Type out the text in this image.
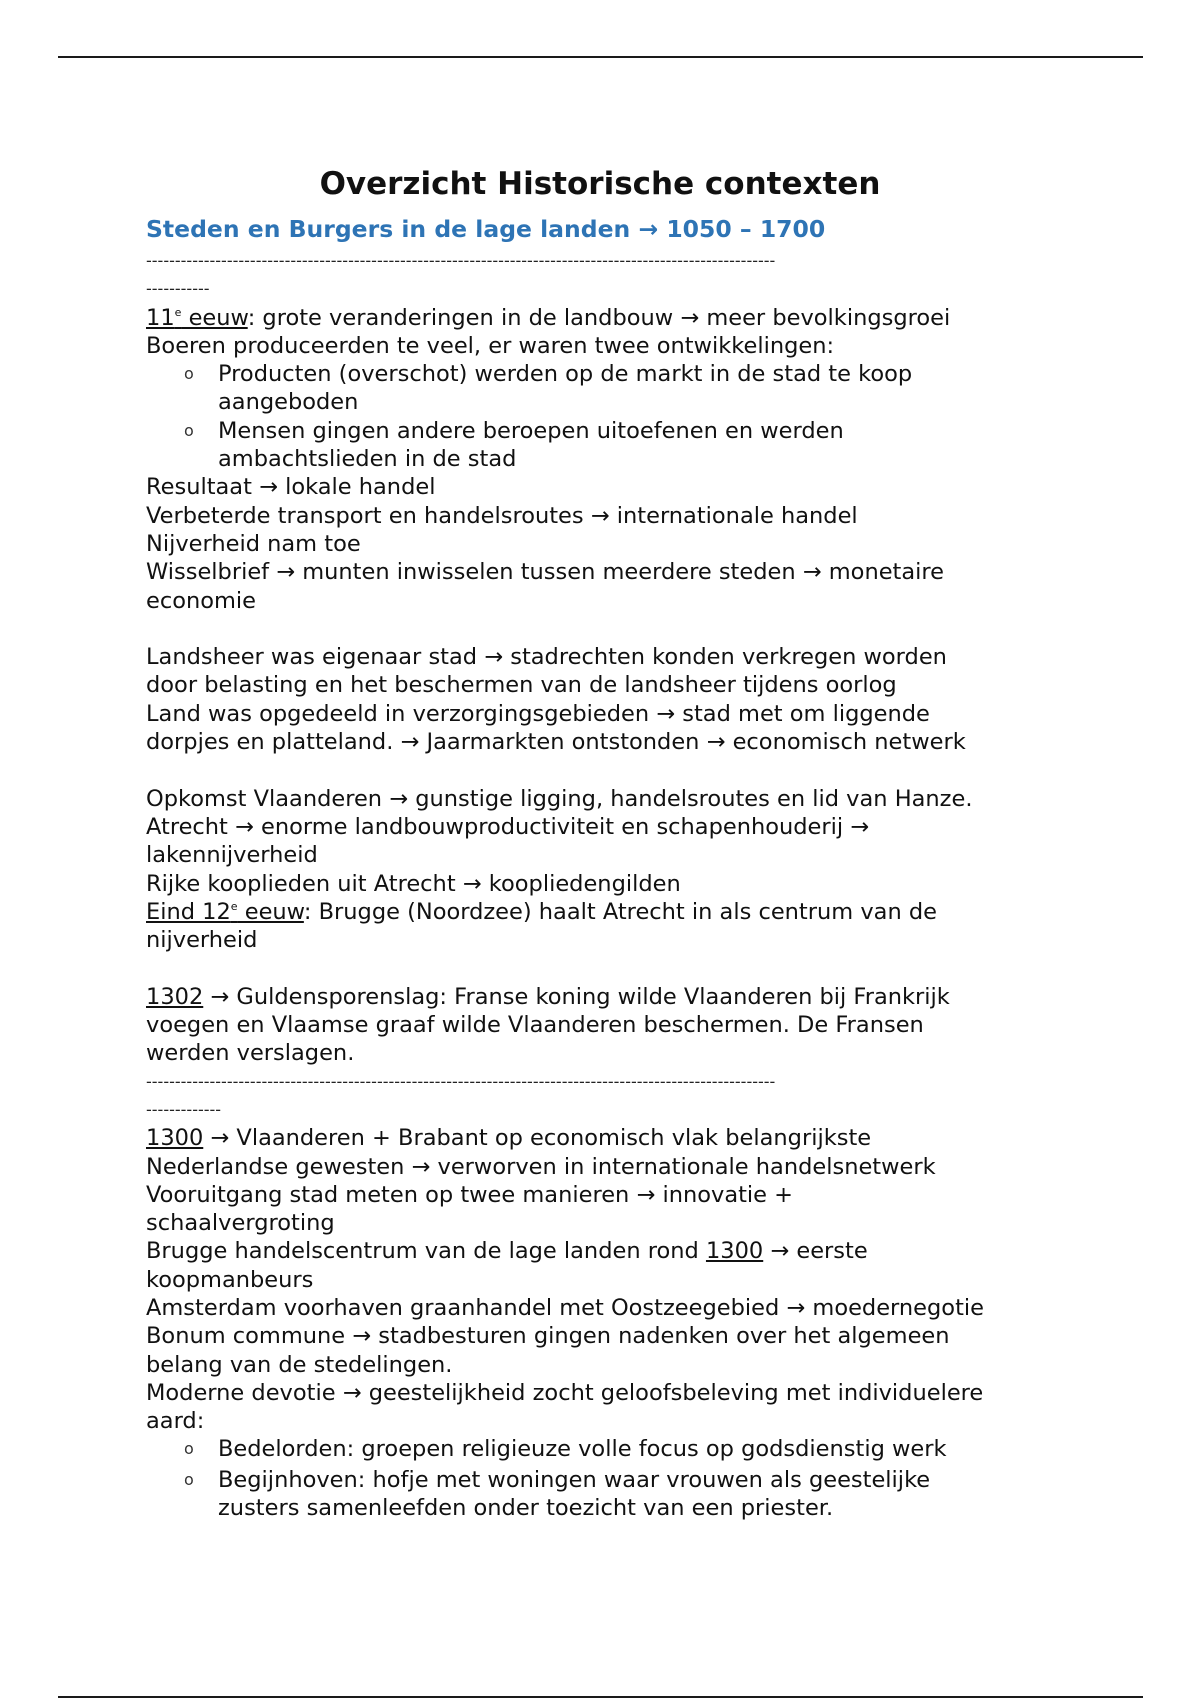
Overzicht Historische contexten
Steden en Burgers in de lage landen → 1050 – 1700
-------------------------------------------------------------------------------------------------------------
-----------
11e eeuw: grote veranderingen in de landbouw → meer bevolkingsgroei
Boeren produceerden te veel, er waren twee ontwikkelingen:
o Producten (overschot) werden op de markt in de stad te koop
aangeboden
o Mensen gingen andere beroepen uitoefenen en werden
ambachtslieden in de stad
Resultaat → lokale handel
Verbeterde transport en handelsroutes → internationale handel
Nijverheid nam toe
Wisselbrief → munten inwisselen tussen meerdere steden → monetaire
economie
Landsheer was eigenaar stad → stadrechten konden verkregen worden
door belasting en het beschermen van de landsheer tijdens oorlog
Land was opgedeeld in verzorgingsgebieden → stad met om liggende
dorpjes en platteland. → Jaarmarkten ontstonden → economisch netwerk
Opkomst Vlaanderen → gunstige ligging, handelsroutes en lid van Hanze.
Atrecht → enorme landbouwproductiviteit en schapenhouderij →
lakennijverheid
Rijke kooplieden uit Atrecht → koopliedengilden
Eind 12e eeuw: Brugge (Noordzee) haalt Atrecht in als centrum van de
nijverheid
1302 → Guldensporenslag: Franse koning wilde Vlaanderen bij Frankrijk
voegen en Vlaamse graaf wilde Vlaanderen beschermen. De Fransen
werden verslagen.
-------------------------------------------------------------------------------------------------------------
-------------
1300 → Vlaanderen + Brabant op economisch vlak belangrijkste
Nederlandse gewesten → verworven in internationale handelsnetwerk
Vooruitgang stad meten op twee manieren → innovatie +
schaalvergroting
Brugge handelscentrum van de lage landen rond 1300 → eerste
koopmanbeurs
Amsterdam voorhaven graanhandel met Oostzeegebied → moedernegotie
Bonum commune → stadbesturen gingen nadenken over het algemeen
belang van de stedelingen.
Moderne devotie → geestelijkheid zocht geloofsbeleving met individuelere
aard:
o Bedelorden: groepen religieuze volle focus op godsdienstig werk
o Begijnhoven: hofje met woningen waar vrouwen als geestelijke
zusters samenleefden onder toezicht van een priester.
